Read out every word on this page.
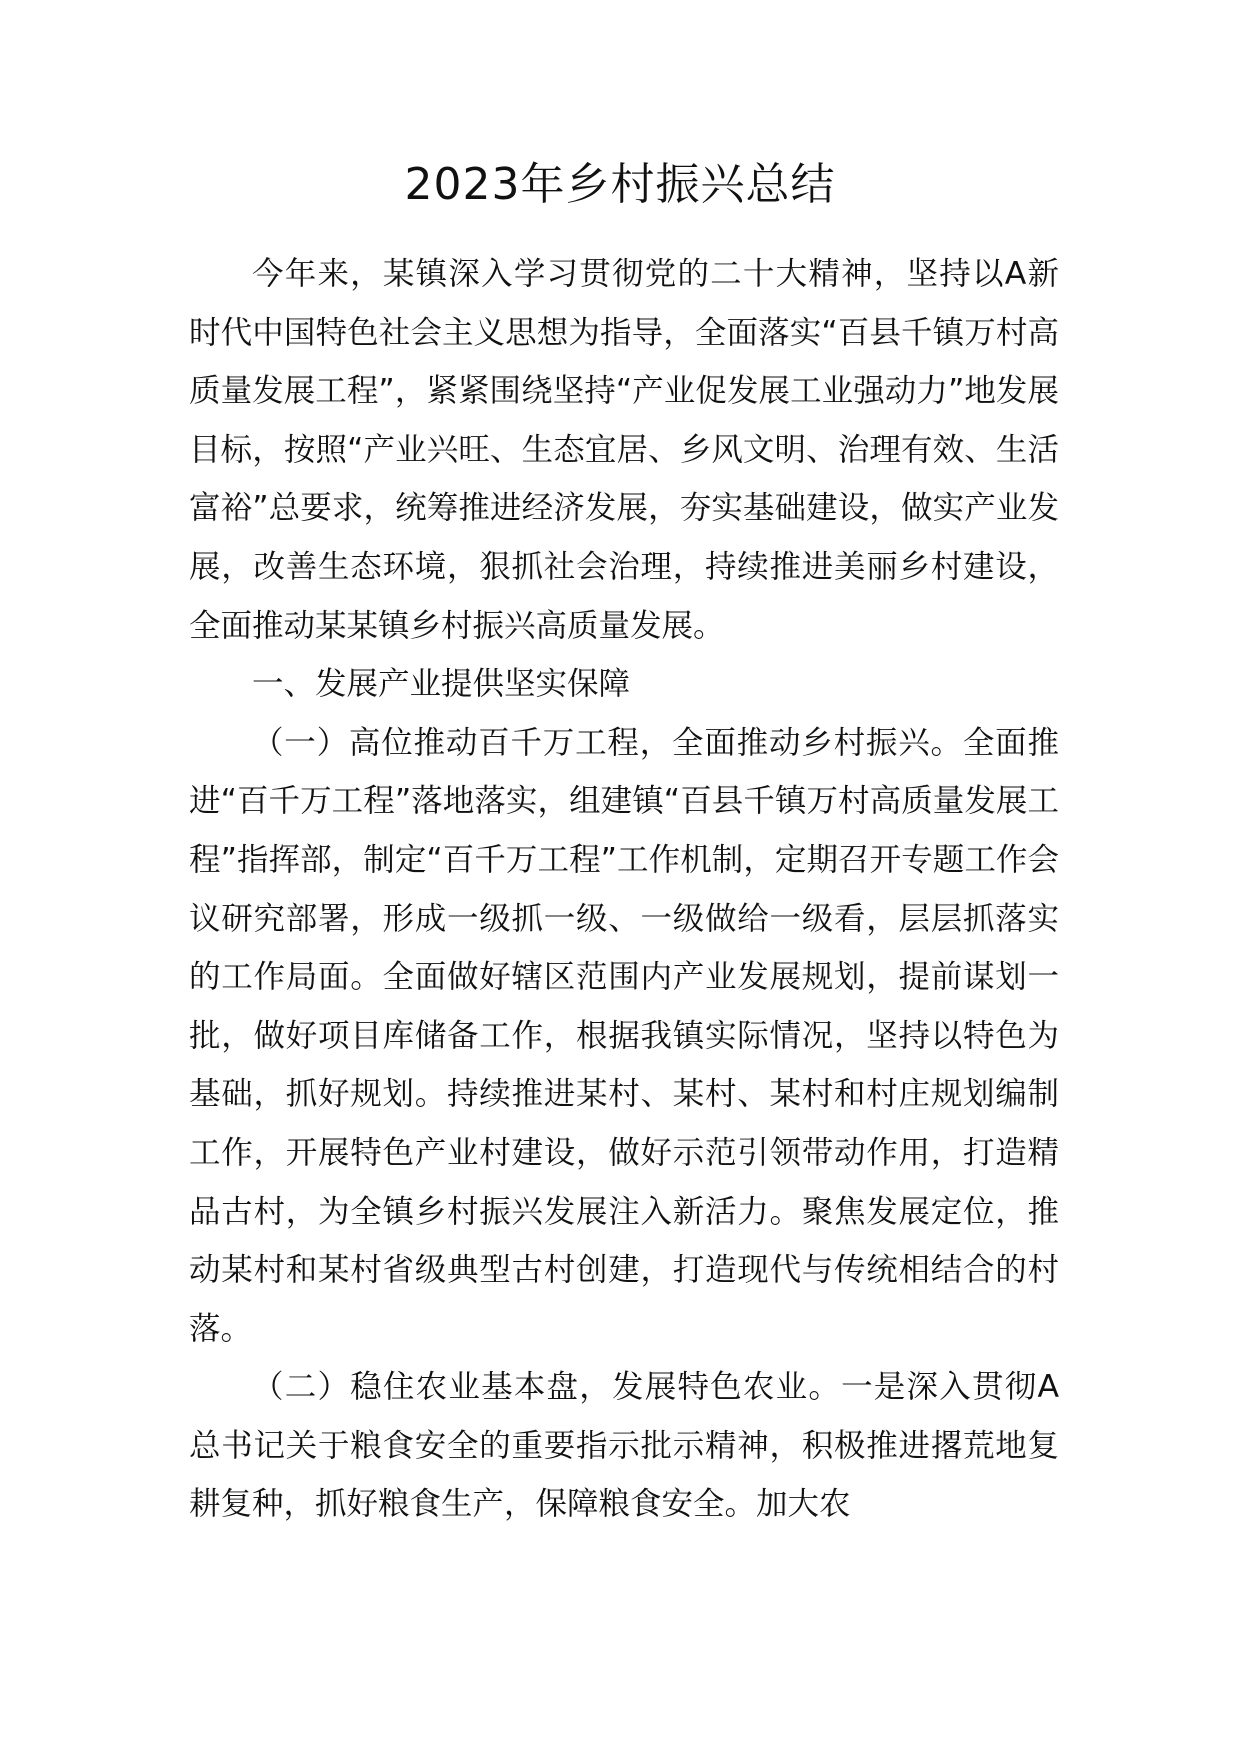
2023年乡村振兴总结

今年来，某镇深入学习贯彻党的二十大精神，坚持以A新时代中国特色社会主义思想为指导，全面落实“百县千镇万村高质量发展工程”，紧紧围绕坚持“产业促发展工业强动力”地发展目标，按照“产业兴旺、生态宜居、乡风文明、治理有效、生活富裕”总要求，统筹推进经济发展，夯实基础建设，做实产业发展，改善生态环境，狠抓社会治理，持续推进美丽乡村建设，全面推动某某镇乡村振兴高质量发展。

一、发展产业提供坚实保障

（一）高位推动百千万工程，全面推动乡村振兴。全面推进“百千万工程”落地落实，组建镇“百县千镇万村高质量发展工程”指挥部，制定“百千万工程”工作机制，定期召开专题工作会议研究部署，形成一级抓一级、一级做给一级看，层层抓落实的工作局面。全面做好辖区范围内产业发展规划，提前谋划一批，做好项目库储备工作，根据我镇实际情况，坚持以特色为基础，抓好规划。持续推进某村、某村、某村和村庄规划编制工作，开展特色产业村建设，做好示范引领带动作用，打造精品古村，为全镇乡村振兴发展注入新活力。聚焦发展定位，推动某村和某村省级典型古村创建，打造现代与传统相结合的村落。

（二）稳住农业基本盘，发展特色农业。一是深入贯彻A总书记关于粮食安全的重要指示批示精神，积极推进撂荒地复耕复种，抓好粮食生产，保障粮食安全。加大农
